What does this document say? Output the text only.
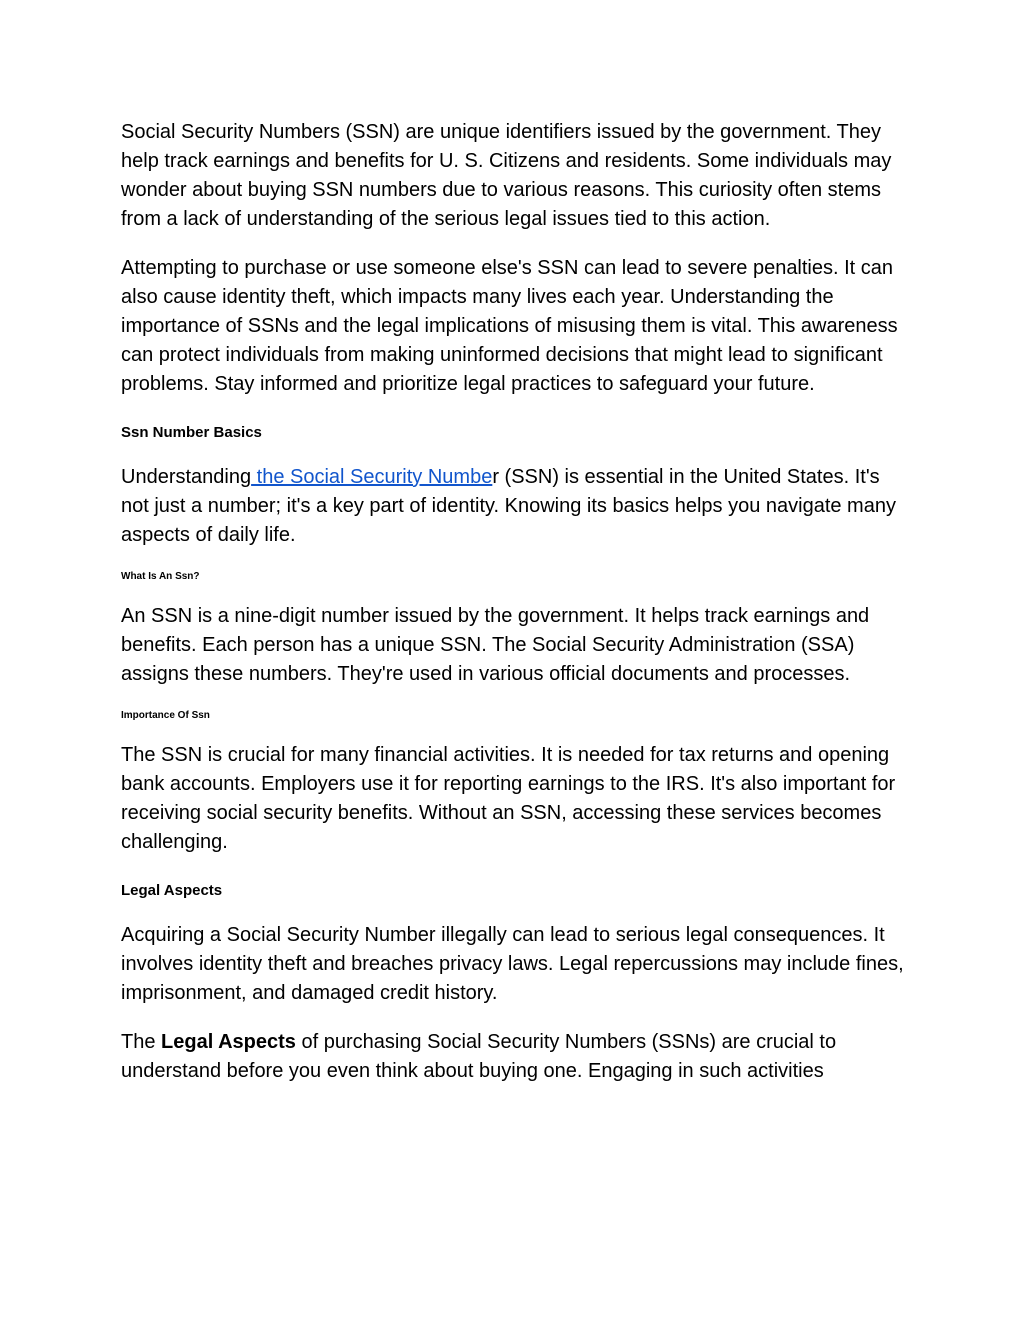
Social Security Numbers (SSN) are unique identifiers issued by the government. They help track earnings and benefits for U. S. Citizens and residents. Some individuals may wonder about buying SSN numbers due to various reasons. This curiosity often stems from a lack of understanding of the serious legal issues tied to this action.

Attempting to purchase or use someone else's SSN can lead to severe penalties. It can also cause identity theft, which impacts many lives each year. Understanding the importance of SSNs and the legal implications of misusing them is vital. This awareness can protect individuals from making uninformed decisions that might lead to significant problems. Stay informed and prioritize legal practices to safeguard your future.

Ssn Number Basics

Understanding the Social Security Number (SSN) is essential in the United States. It's not just a number; it's a key part of identity. Knowing its basics helps you navigate many aspects of daily life.

What Is An Ssn?

An SSN is a nine-digit number issued by the government. It helps track earnings and benefits. Each person has a unique SSN. The Social Security Administration (SSA) assigns these numbers. They're used in various official documents and processes.

Importance Of Ssn

The SSN is crucial for many financial activities. It is needed for tax returns and opening bank accounts. Employers use it for reporting earnings to the IRS. It's also important for receiving social security benefits. Without an SSN, accessing these services becomes challenging.

Legal Aspects

Acquiring a Social Security Number illegally can lead to serious legal consequences. It involves identity theft and breaches privacy laws. Legal repercussions may include fines, imprisonment, and damaged credit history.

The Legal Aspects of purchasing Social Security Numbers (SSNs) are crucial to understand before you even think about buying one. Engaging in such activities
